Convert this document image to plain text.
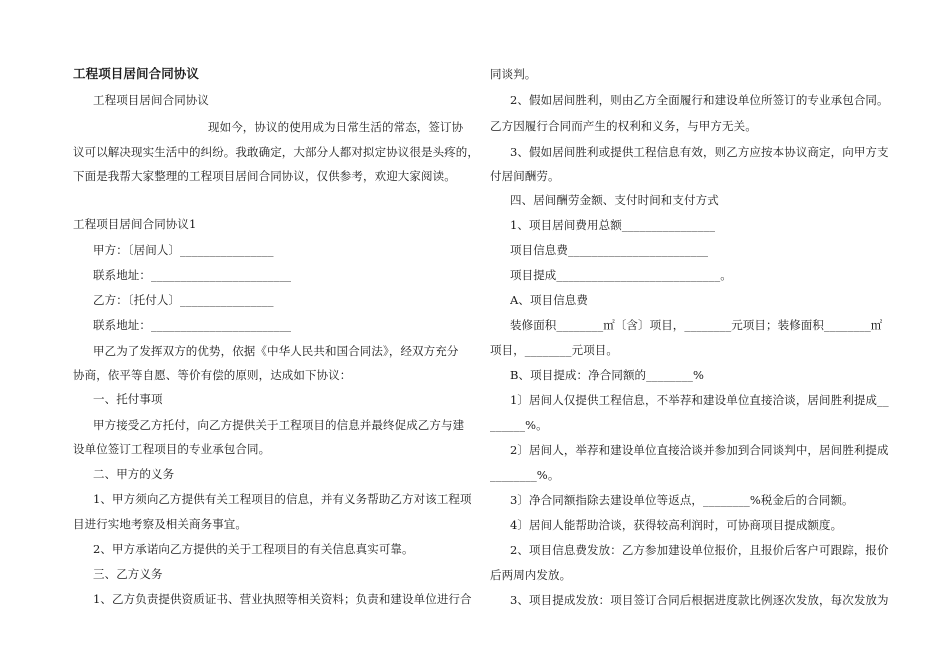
工程项目居间合同协议
工程项目居间合同协议
现如今，协议的使用成为日常生活的常态，签订协
议可以解决现实生活中的纠纷。我敢确定，大部分人都对拟定协议很是头疼的，
下面是我帮大家整理的工程项目居间合同协议，仅供参考，欢迎大家阅读。
工程项目居间合同协议1
甲方：〔居间人〕________________
联系地址：________________________
乙方：〔托付人〕________________
联系地址：________________________
甲乙为了发挥双方的优势，依据《中华人民共和国合同法》，经双方充分
协商，依平等自愿、等价有偿的原则，达成如下协议：
一、托付事项
甲方接受乙方托付，向乙方提供关于工程项目的信息并最终促成乙方与建
设单位签订工程项目的专业承包合同。
二、甲方的义务
1、甲方须向乙方提供有关工程项目的信息，并有义务帮助乙方对该工程项
目进行实地考察及相关商务事宜。
2、甲方承诺向乙方提供的关于工程项目的有关信息真实可靠。
三、乙方义务
1、乙方负责提供资质证书、营业执照等相关资料；负责和建设单位进行合
同谈判。
2、假如居间胜利，则由乙方全面履行和建设单位所签订的专业承包合同。
乙方因履行合同而产生的权利和义务，与甲方无关。
3、假如居间胜利或提供工程信息有效，则乙方应按本协议商定，向甲方支
付居间酬劳。
四、居间酬劳金额、支付时间和支付方式
1、项目居间费用总额________________
项目信息费________________________
项目提成____________________________。
A、项目信息费
装修面积________㎡〔含〕项目，________元项目；装修面积________㎡
项目，________元项目。
B、项目提成：净合同额的________%
1〕居间人仅提供工程信息，不举荐和建设单位直接洽谈，居间胜利提成__
______%。
2〕居间人，举荐和建设单位直接洽谈并参加到合同谈判中，居间胜利提成
________%。
3〕净合同额指除去建设单位等返点，________%税金后的合同额。
4〕居间人能帮助洽谈，获得较高利润时，可协商项目提成额度。
2、项目信息费发放：乙方参加建设单位报价，且报价后客户可跟踪，报价
后两周内发放。
3、项目提成发放：项目签订合同后根据进度款比例逐次发放，每次发放为
